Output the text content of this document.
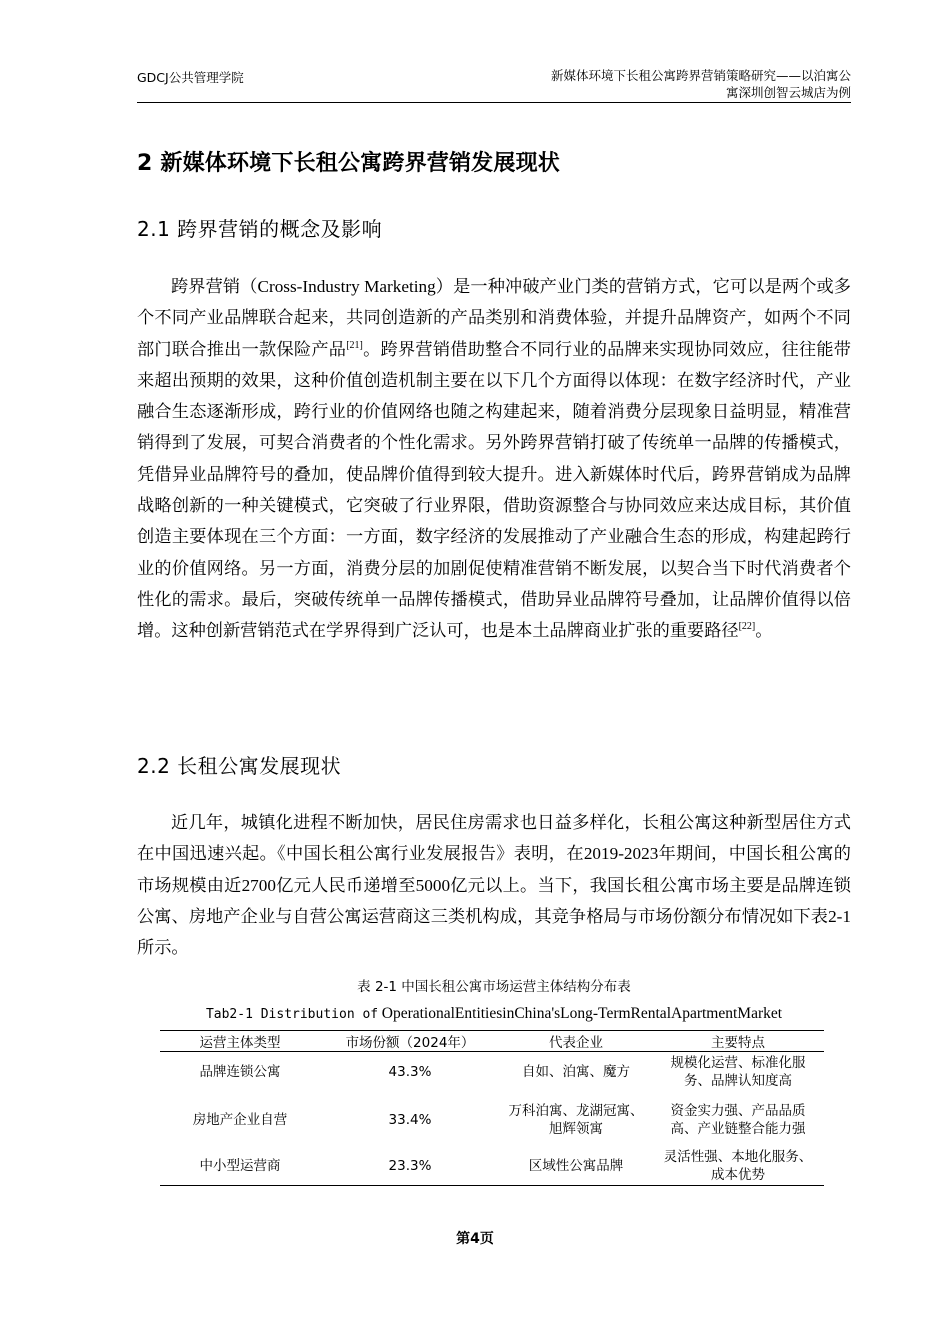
GDCJ公共管理学院	新媒体环境下长租公寓跨界营销策略研究——以泊寓公
寓深圳创智云城店为例
2 新媒体环境下长租公寓跨界营销发展现状
2.1 跨界营销的概念及影响

跨界营销（Cross-Industry Marketing）是一种冲破产业门类的营销方式，它可以是两个或多个不同产业品牌联合起来，共同创造新的产品类别和消费体验，并提升品牌资产，如两个不同部门联合推出一款保险产品[21]。跨界营销借助整合不同行业的品牌来实现协同效应，往往能带来超出预期的效果，这种价值创造机制主要在以下几个方面得以体现：在数字经济时代，产业融合生态逐渐形成，跨行业的价值网络也随之构建起来，随着消费分层现象日益明显，精准营销得到了发展，可契合消费者的个性化需求。另外跨界营销打破了传统单一品牌的传播模式，凭借异业品牌符号的叠加，使品牌价值得到较大提升。进入新媒体时代后，跨界营销成为品牌战略创新的一种关键模式，它突破了行业界限，借助资源整合与协同效应来达成目标，其价值创造主要体现在三个方面：一方面，数字经济的发展推动了产业融合生态的形成，构建起跨行业的价值网络。另一方面，消费分层的加剧促使精准营销不断发展，以契合当下时代消费者个性化的需求。最后，突破传统单一品牌传播模式，借助异业品牌符号叠加，让品牌价值得以倍增。这种创新营销范式在学界得到广泛认可，也是本土品牌商业扩张的重要路径[22]。

2.2 长租公寓发展现状

近几年，城镇化进程不断加快，居民住房需求也日益多样化，长租公寓这种新型居住方式在中国迅速兴起。《中国长租公寓行业发展报告》表明，在2019-2023年期间，中国长租公寓的市场规模由近2700亿元人民币递增至5000亿元以上。当下，我国长租公寓市场主要是品牌连锁公寓、房地产企业与自营公寓运营商这三类机构成，其竞争格局与市场份额分布情况如下表2-1所示。

表 2-1 中国长租公寓市场运营主体结构分布表
Tab2-1 Distribution of OperationalEntitiesinChina'sLong-TermRentalApartmentMarket
运营主体类型	市场份额（2024年）	代表企业	主要特点
品牌连锁公寓	43.3%	自如、泊寓、魔方	规模化运营、标准化服务、品牌认知度高
房地产企业自营	33.4%	万科泊寓、龙湖冠寓、旭辉领寓	资金实力强、产品品质高、产业链整合能力强
中小型运营商	23.3%	区域性公寓品牌	灵活性强、本地化服务、成本优势
第4页
